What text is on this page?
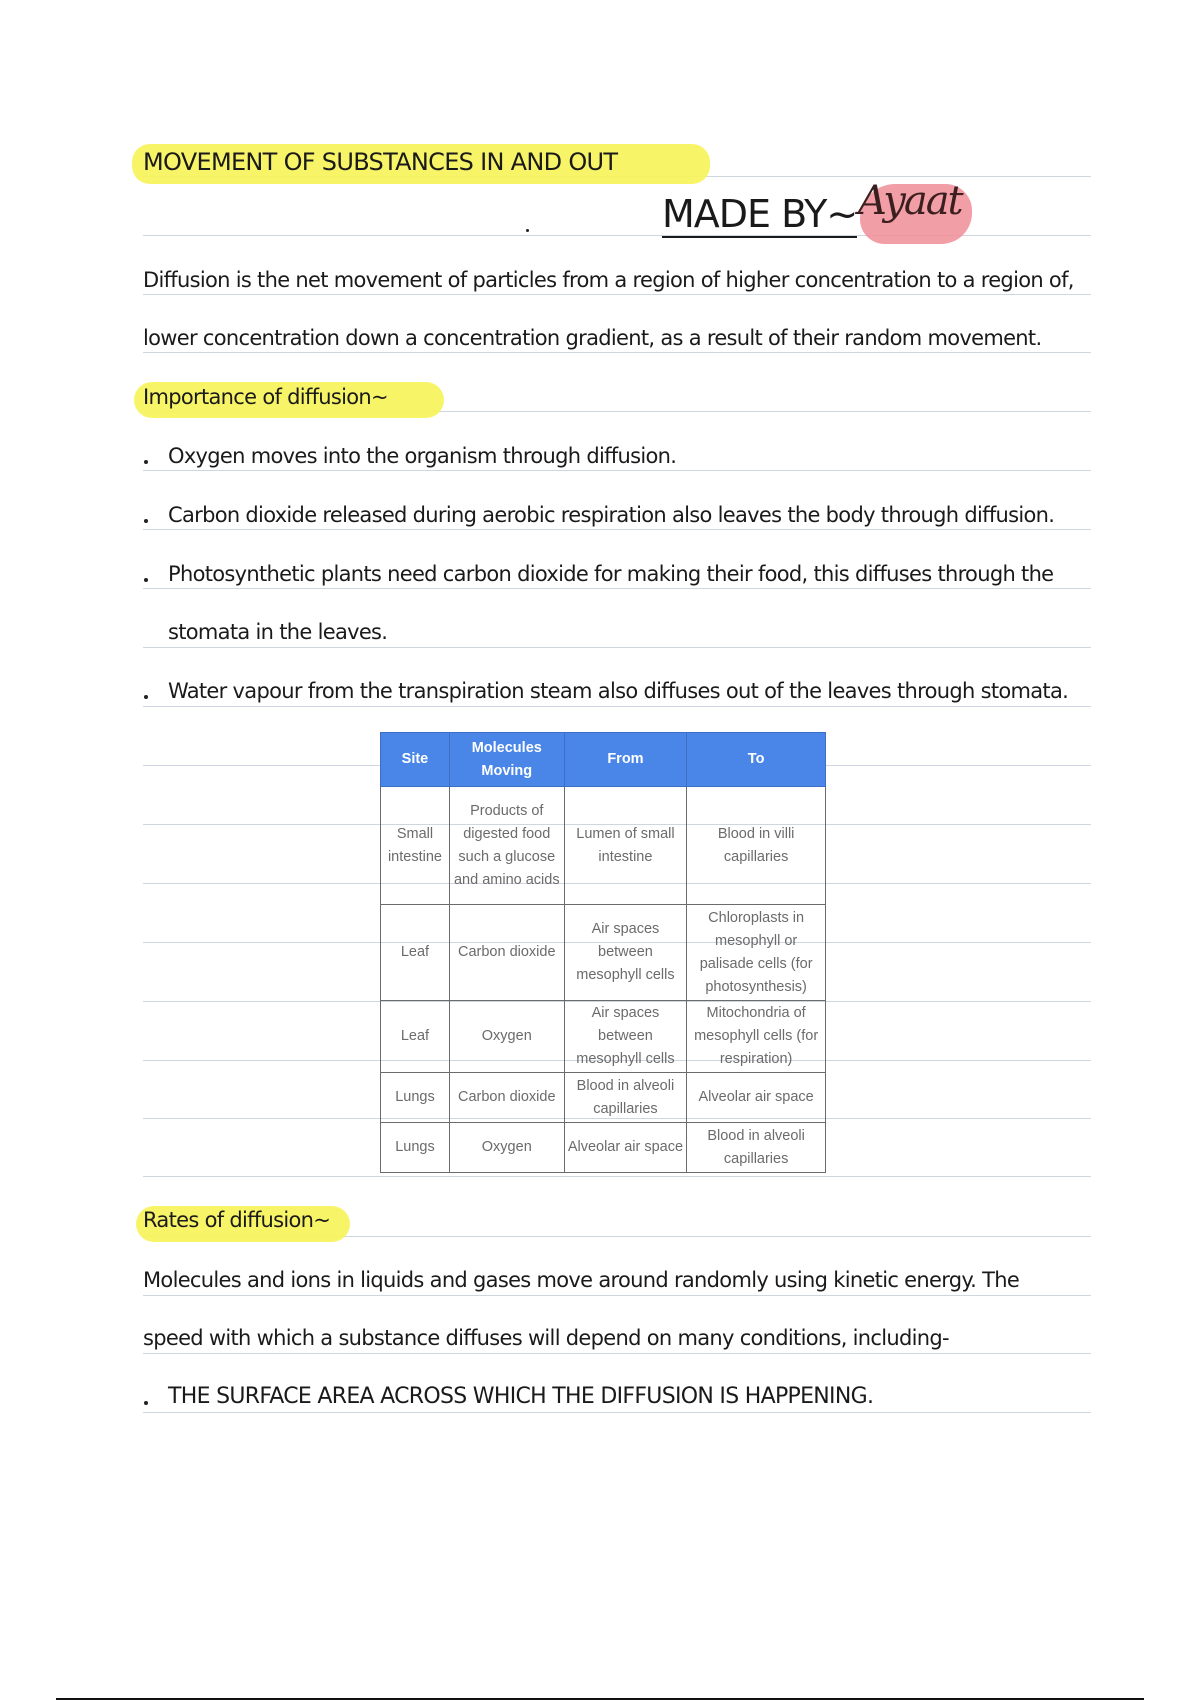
MOVEMENT OF SUBSTANCES IN AND OUT
MADE BY~ Ayaat
Diffusion is the net movement of particles from a region of higher concentration to a region of,
lower concentration down a concentration gradient, as a result of their random movement.
Importance of diffusion~
Oxygen moves into the organism through diffusion.
Carbon dioxide released during aerobic respiration also leaves the body through diffusion.
Photosynthetic plants need carbon dioxide for making their food, this diffuses through the
stomata in the leaves.
Water vapour from the transpiration steam also diffuses out of the leaves through stomata.
Site	Molecules Moving	From	To
Small intestine	Products of digested food such a glucose and amino acids	Lumen of small intestine	Blood in villi capillaries
Leaf	Carbon dioxide	Air spaces between mesophyll cells	Chloroplasts in mesophyll or palisade cells (for photosynthesis)
Leaf	Oxygen	Air spaces between mesophyll cells	Mitochondria of mesophyll cells (for respiration)
Lungs	Carbon dioxide	Blood in alveoli capillaries	Alveolar air space
Lungs	Oxygen	Alveolar air space	Blood in alveoli capillaries
Rates of diffusion~
Molecules and ions in liquids and gases move around randomly using kinetic energy. The
speed with which a substance diffuses will depend on many conditions, including-
THE SURFACE AREA ACROSS WHICH THE DIFFUSION IS HAPPENING.
